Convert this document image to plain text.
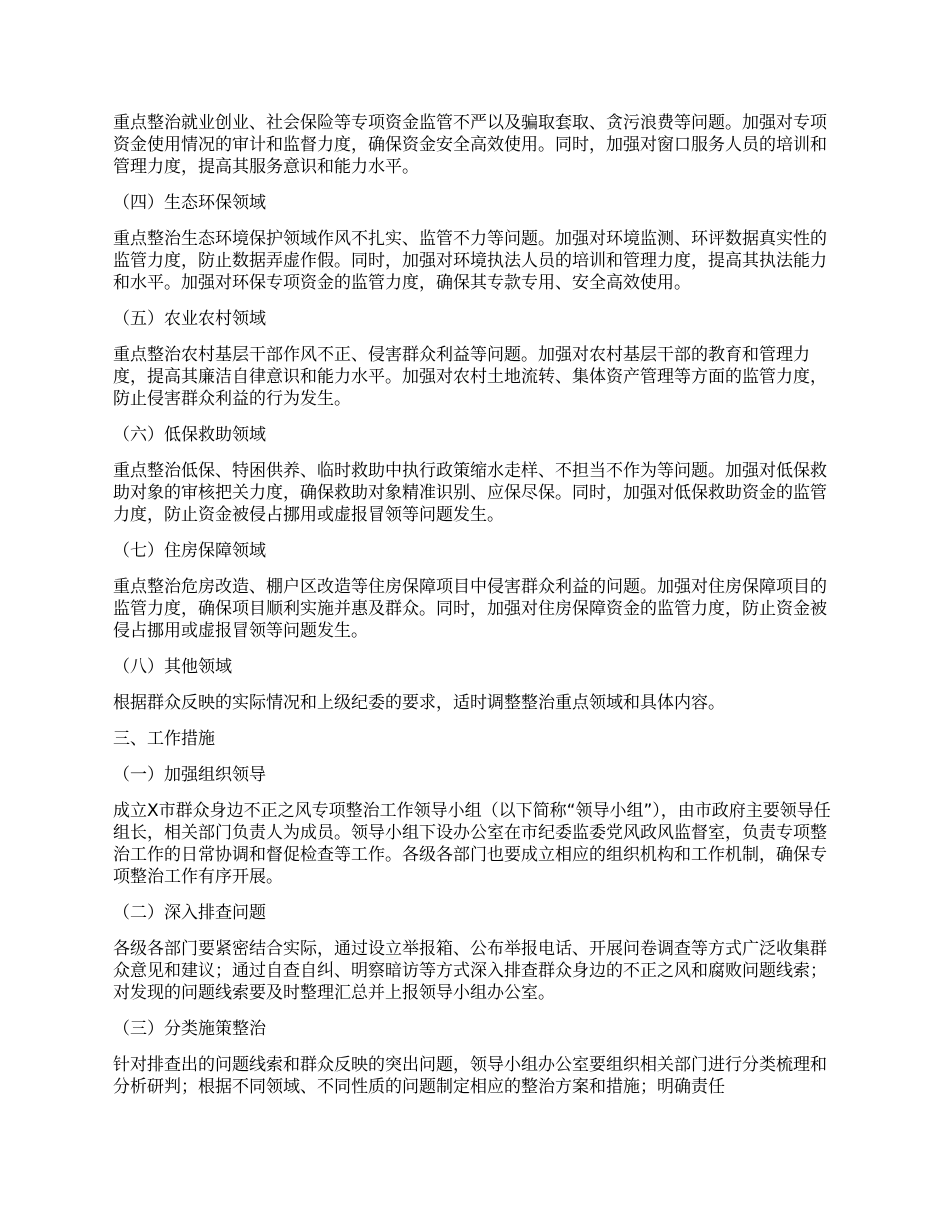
重点整治就业创业、社会保险等专项资金监管不严以及骗取套取、贪污浪费等问题。加强对专项资金使用情况的审计和监督力度，确保资金安全高效使用。同时，加强对窗口服务人员的培训和管理力度，提高其服务意识和能力水平。

（四）生态环保领域

重点整治生态环境保护领域作风不扎实、监管不力等问题。加强对环境监测、环评数据真实性的监管力度，防止数据弄虚作假。同时，加强对环境执法人员的培训和管理力度，提高其执法能力和水平。加强对环保专项资金的监管力度，确保其专款专用、安全高效使用。

（五）农业农村领域

重点整治农村基层干部作风不正、侵害群众利益等问题。加强对农村基层干部的教育和管理力度，提高其廉洁自律意识和能力水平。加强对农村土地流转、集体资产管理等方面的监管力度，防止侵害群众利益的行为发生。

（六）低保救助领域

重点整治低保、特困供养、临时救助中执行政策缩水走样、不担当不作为等问题。加强对低保救助对象的审核把关力度，确保救助对象精准识别、应保尽保。同时，加强对低保救助资金的监管力度，防止资金被侵占挪用或虚报冒领等问题发生。

（七）住房保障领域

重点整治危房改造、棚户区改造等住房保障项目中侵害群众利益的问题。加强对住房保障项目的监管力度，确保项目顺利实施并惠及群众。同时，加强对住房保障资金的监管力度，防止资金被侵占挪用或虚报冒领等问题发生。

（八）其他领域

根据群众反映的实际情况和上级纪委的要求，适时调整整治重点领域和具体内容。

三、工作措施

（一）加强组织领导

成立X市群众身边不正之风专项整治工作领导小组（以下简称“领导小组”），由市政府主要领导任组长，相关部门负责人为成员。领导小组下设办公室在市纪委监委党风政风监督室，负责专项整治工作的日常协调和督促检查等工作。各级各部门也要成立相应的组织机构和工作机制，确保专项整治工作有序开展。

（二）深入排查问题

各级各部门要紧密结合实际，通过设立举报箱、公布举报电话、开展问卷调查等方式广泛收集群众意见和建议；通过自查自纠、明察暗访等方式深入排查群众身边的不正之风和腐败问题线索；对发现的问题线索要及时整理汇总并上报领导小组办公室。

（三）分类施策整治

针对排查出的问题线索和群众反映的突出问题，领导小组办公室要组织相关部门进行分类梳理和分析研判；根据不同领域、不同性质的问题制定相应的整治方案和措施；明确责任
